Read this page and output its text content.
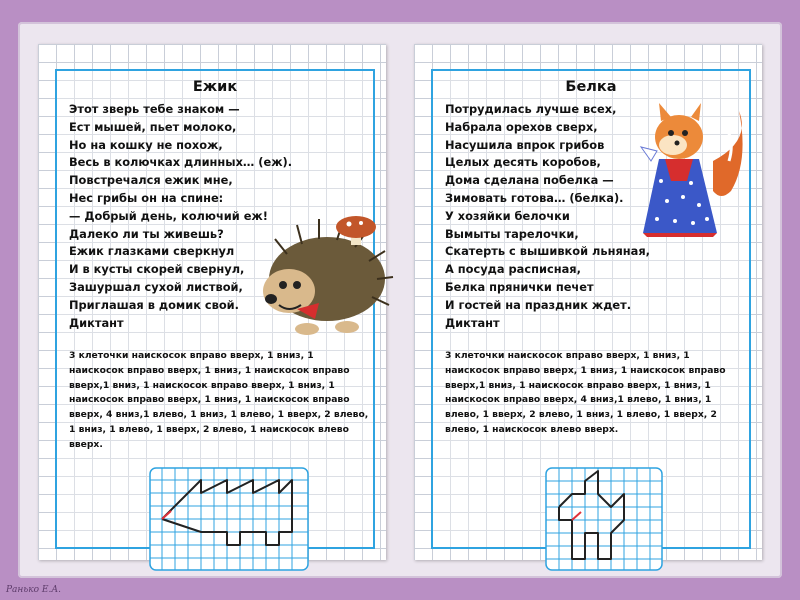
Ежик
Этот зверь тебе знаком —
Ест мышей, пьет молоко,
Но на кошку не похож,
Весь в колючках длинных… (еж).
Повстречался ежик мне,
Нес грибы он на спине:
— Добрый день, колючий еж!
Далеко ли ты живешь?
Ежик глазками сверкнул
И в кусты скорей свернул,
Зашуршал сухой листвой,
Приглашая в домик свой.
Диктант
3 клеточки наискосок вправо вверх, 1 вниз, 1 наискосок вправо вверх, 1 вниз, 1 наискосок вправо вверх,1 вниз, 1 наискосок вправо вверх, 1 вниз, 1 наискосок вправо вверх, 1 вниз, 1 наискосок вправо вверх, 4 вниз,1 влево, 1 вниз, 1 влево, 1 вверх, 2 влево, 1 вниз, 1 влево, 1 вверх, 2 влево, 1 наискосок влево вверх.
Белка
Потрудилась лучше всех,
Набрала орехов сверх,
Насушила впрок грибов
Целых десять коробов,
Дома сделана побелка —
Зимовать готова… (белка).
У хозяйки белочки
Вымыты тарелочки,
Скатерть с вышивкой льняная,
А посуда расписная,
Белка прянички печет
И гостей на праздник ждет.
Диктант
3 клеточки наискосок вправо вверх, 1 вниз, 1 наискосок вправо вверх, 1 вниз, 1 наискосок вправо вверх,1 вниз, 1 наискосок вправо вверх, 1 вниз, 1 наискосок вправо вверх, 4 вниз,1 влево, 1 вниз, 1 влево, 1 вверх, 2 влево, 1 вниз, 1 влево, 1 вверх, 2 влево, 1 наискосок влево вверх.
Ранько Е.А.
